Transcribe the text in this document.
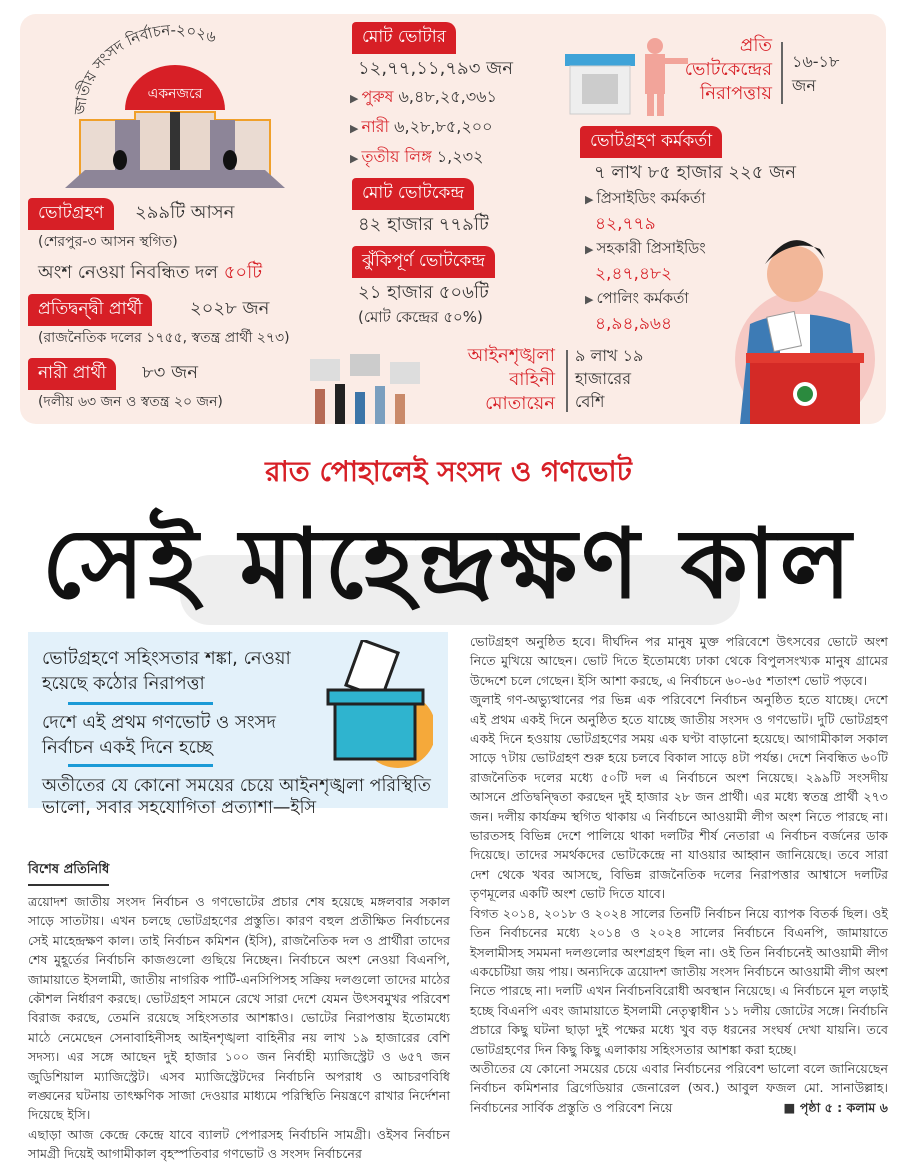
জাতীয় সংসদ নির্বাচন-২০২৬
একনজরে
ভোটগ্রহণ	২৯৯টি আসন
(শেরপুর-৩ আসন স্থগিত)
অংশ নেওয়া নিবন্ধিত দল ৫০টি
প্রতিদ্বন্দ্বী প্রার্থী	২০২৮ জন
(রাজনৈতিক দলের ১৭৫৫, স্বতন্ত্র প্রার্থী ২৭৩)
নারী প্রার্থী	৮৩ জন
(দলীয় ৬৩ জন ও স্বতন্ত্র ২০ জন)
মোট ভোটার
১২,৭৭,১১,৭৯৩ জন
▶ পুরুষ ৬,৪৮,২৫,৩৬১
▶ নারী ৬,২৮,৮৫,২০০
▶ তৃতীয় লিঙ্গ ১,২৩২
মোট ভোটকেন্দ্র
৪২ হাজার ৭৭৯টি
ঝুঁকিপূর্ণ ভোটকেন্দ্র
২১ হাজার ৫০৬টি
(মোট কেন্দ্রের ৫০%)
আইনশৃঙ্খলা
বাহিনী
মোতায়েন
৯ লাখ ১৯
হাজারের
বেশি
প্রতি
ভোটকেন্দ্রের
নিরাপত্তায়
১৬-১৮
জন
ভোটগ্রহণ কর্মকর্তা
৭ লাখ ৮৫ হাজার ২২৫ জন
▶ প্রিসাইডিং কর্মকর্তা
৪২,৭৭৯
▶ সহকারী প্রিসাইডিং
২,৪৭,৪৮২
▶ পোলিং কর্মকর্তা
৪,৯৪,৯৬৪
রাত পোহালেই সংসদ ও গণভোট
সেই মাহেন্দ্রক্ষণ কাল
ভোটগ্রহণে সহিংসতার শঙ্কা, নেওয়া হয়েছে কঠোর নিরাপত্তা
দেশে এই প্রথম গণভোট ও সংসদ নির্বাচন একই দিনে হচ্ছে
অতীতের যে কোনো সময়ের চেয়ে আইনশৃঙ্খলা পরিস্থিতি ভালো, সবার সহযোগিতা প্রত্যাশা—ইসি
বিশেষ প্রতিনিধি

ত্রয়োদশ জাতীয় সংসদ নির্বাচন ও গণভোটের প্রচার শেষ হয়েছে মঙ্গলবার সকাল সাড়ে সাতটায়। এখন চলছে ভোটগ্রহণের প্রস্তুতি। কারণ বহুল প্রতীক্ষিত নির্বাচনের সেই মাহেন্দ্রক্ষণ কাল। তাই নির্বাচন কমিশন (ইসি), রাজনৈতিক দল ও প্রার্থীরা তাদের শেষ মুহূর্তের নির্বাচনি কাজগুলো গুছিয়ে নিচ্ছেন। নির্বাচনে অংশ নেওয়া বিএনপি, জামায়াতে ইসলামী, জাতীয় নাগরিক পার্টি-এনসিপিসহ সক্রিয় দলগুলো তাদের মাঠের কৌশল নির্ধারণ করছে। ভোটগ্রহণ সামনে রেখে সারা দেশে যেমন উৎসবমুখর পরিবেশ বিরাজ করছে, তেমনি রয়েছে সহিংসতার আশঙ্কাও। ভোটের নিরাপত্তায় ইতোমধ্যে মাঠে নেমেছেন সেনাবাহিনীসহ আইনশৃঙ্খলা বাহিনীর নয় লাখ ১৯ হাজারের বেশি সদস্য। এর সঙ্গে আছেন দুই হাজার ১০০ জন নির্বাহী ম্যাজিস্ট্রেট ও ৬৫৭ জন জুডিশিয়াল ম্যাজিস্ট্রেট। এসব ম্যাজিস্ট্রেটদের নির্বাচনি অপরাধ ও আচরণবিধি লঙ্ঘনের ঘটনায় তাৎক্ষণিক সাজা দেওয়ার মাধ্যমে পরিস্থিতি নিয়ন্ত্রণে রাখার নির্দেশনা দিয়েছে ইসি।

এছাড়া আজ কেন্দ্রে কেন্দ্রে যাবে ব্যালট পেপারসহ নির্বাচনি সামগ্রী। ওইসব নির্বাচন সামগ্রী দিয়েই আগামীকাল বৃহস্পতিবার গণভোট ও সংসদ নির্বাচনের

ভোটগ্রহণ অনুষ্ঠিত হবে। দীর্ঘদিন পর মানুষ মুক্ত পরিবেশে উৎসবের ভোটে অংশ নিতে মুখিয়ে আছেন। ভোট দিতে ইতোমধ্যে ঢাকা থেকে বিপুলসংখ্যক মানুষ গ্রামের উদ্দেশে চলে গেছেন। ইসি আশা করছে, এ নির্বাচনে ৬০-৬৫ শতাংশ ভোট পড়বে।

জুলাই গণ-অভ্যুত্থানের পর ভিন্ন এক পরিবেশে নির্বাচন অনুষ্ঠিত হতে যাচ্ছে। দেশে এই প্রথম একই দিনে অনুষ্ঠিত হতে যাচ্ছে জাতীয় সংসদ ও গণভোট। দুটি ভোটগ্রহণ একই দিনে হওয়ায় ভোটগ্রহণের সময় এক ঘণ্টা বাড়ানো হয়েছে। আগামীকাল সকাল সাড়ে ৭টায় ভোটগ্রহণ শুরু হয়ে চলবে বিকাল সাড়ে ৪টা পর্যন্ত। দেশে নিবন্ধিত ৬০টি রাজনৈতিক দলের মধ্যে ৫০টি দল এ নির্বাচনে অংশ নিয়েছে। ২৯৯টি সংসদীয় আসনে প্রতিদ্বন্দ্বিতা করছেন দুই হাজার ২৮ জন প্রার্থী। এর মধ্যে স্বতন্ত্র প্রার্থী ২৭৩ জন। দলীয় কার্যক্রম স্থগিত থাকায় এ নির্বাচনে আওয়ামী লীগ অংশ নিতে পারছে না। ভারতসহ বিভিন্ন দেশে পালিয়ে থাকা দলটির শীর্ষ নেতারা এ নির্বাচন বর্জনের ডাক দিয়েছে। তাদের সমর্থকদের ভোটকেন্দ্রে না যাওয়ার আহ্বান জানিয়েছে। তবে সারা দেশ থেকে খবর আসছে, বিভিন্ন রাজনৈতিক দলের নিরাপত্তার আশ্বাসে দলটির তৃণমূলের একটি অংশ ভোট দিতে যাবে।

বিগত ২০১৪, ২০১৮ ও ২০২৪ সালের তিনটি নির্বাচন নিয়ে ব্যাপক বিতর্ক ছিল। ওই তিন নির্বাচনের মধ্যে ২০১৪ ও ২০২৪ সালের নির্বাচনে বিএনপি, জামায়াতে ইসলামীসহ সমমনা দলগুলোর অংশগ্রহণ ছিল না। ওই তিন নির্বাচনেই আওয়ামী লীগ একচেটিয়া জয় পায়। অন্যদিকে ত্রয়োদশ জাতীয় সংসদ নির্বাচনে আওয়ামী লীগ অংশ নিতে পারছে না। দলটি এখন নির্বাচনবিরোধী অবস্থান নিয়েছে। এ নির্বাচনে মূল লড়াই হচ্ছে বিএনপি এবং জামায়াতে ইসলামী নেতৃত্বাধীন ১১ দলীয় জোটের সঙ্গে। নির্বাচনি প্রচারে কিছু ঘটনা ছাড়া দুই পক্ষের মধ্যে খুব বড় ধরনের সংঘর্ষ দেখা যায়নি। তবে ভোটগ্রহণের দিন কিছু কিছু এলাকায় সহিংসতার আশঙ্কা করা হচ্ছে।

অতীতের যে কোনো সময়ের চেয়ে এবার নির্বাচনের পরিবেশ ভালো বলে জানিয়েছেন নির্বাচন কমিশনার ব্রিগেডিয়ার জেনারেল (অব.) আবুল ফজল মো. সানাউল্লাহ। নির্বাচনের সার্বিক প্রস্তুতি ও পরিবেশ নিয়ে	■ পৃষ্ঠা ৫ : কলাম ৬
